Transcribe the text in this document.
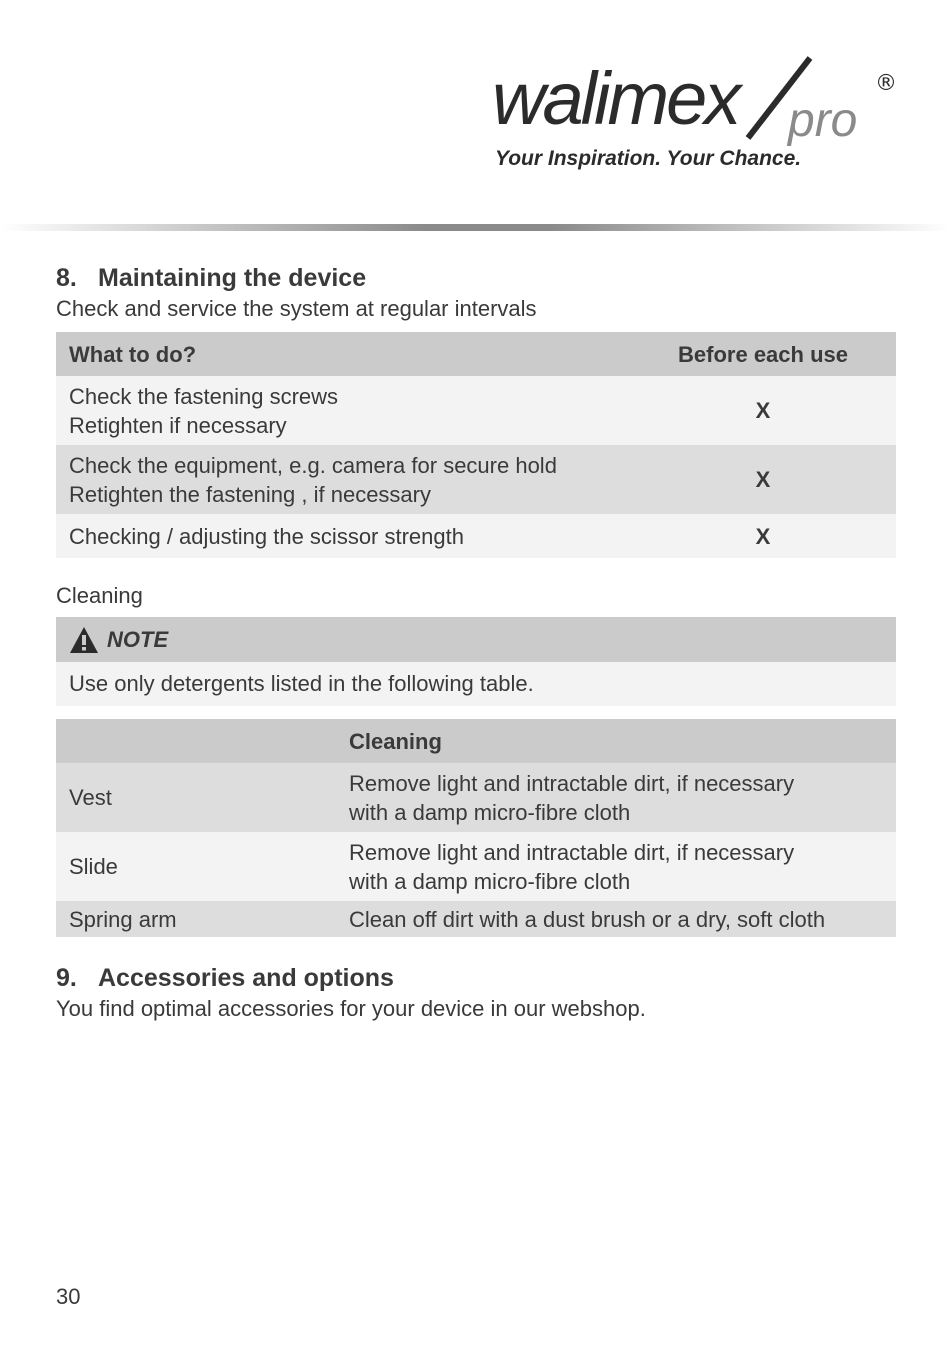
walimex pro
®
Your Inspiration. Your Chance.
8. Maintaining the device
Check and service the system at regular intervals
What to do?	Before each use

Check the fastening screws
Retighten if necessary	X

Check the equipment, e.g. camera for secure hold
Retighten the fastening , if necessary	X

Checking / adjusting the scissor strength	X
Cleaning
NOTE
Use only detergents listed in the following table.
	Cleaning
Vest	Remove light and intractable dirt, if necessary
with a damp micro-fibre cloth

Slide	Remove light and intractable dirt, if necessary
with a damp micro-fibre cloth

Spring arm	Clean off dirt with a dust brush or a dry, soft cloth
9. Accessories and options
You find optimal accessories for your device in our webshop.
30
